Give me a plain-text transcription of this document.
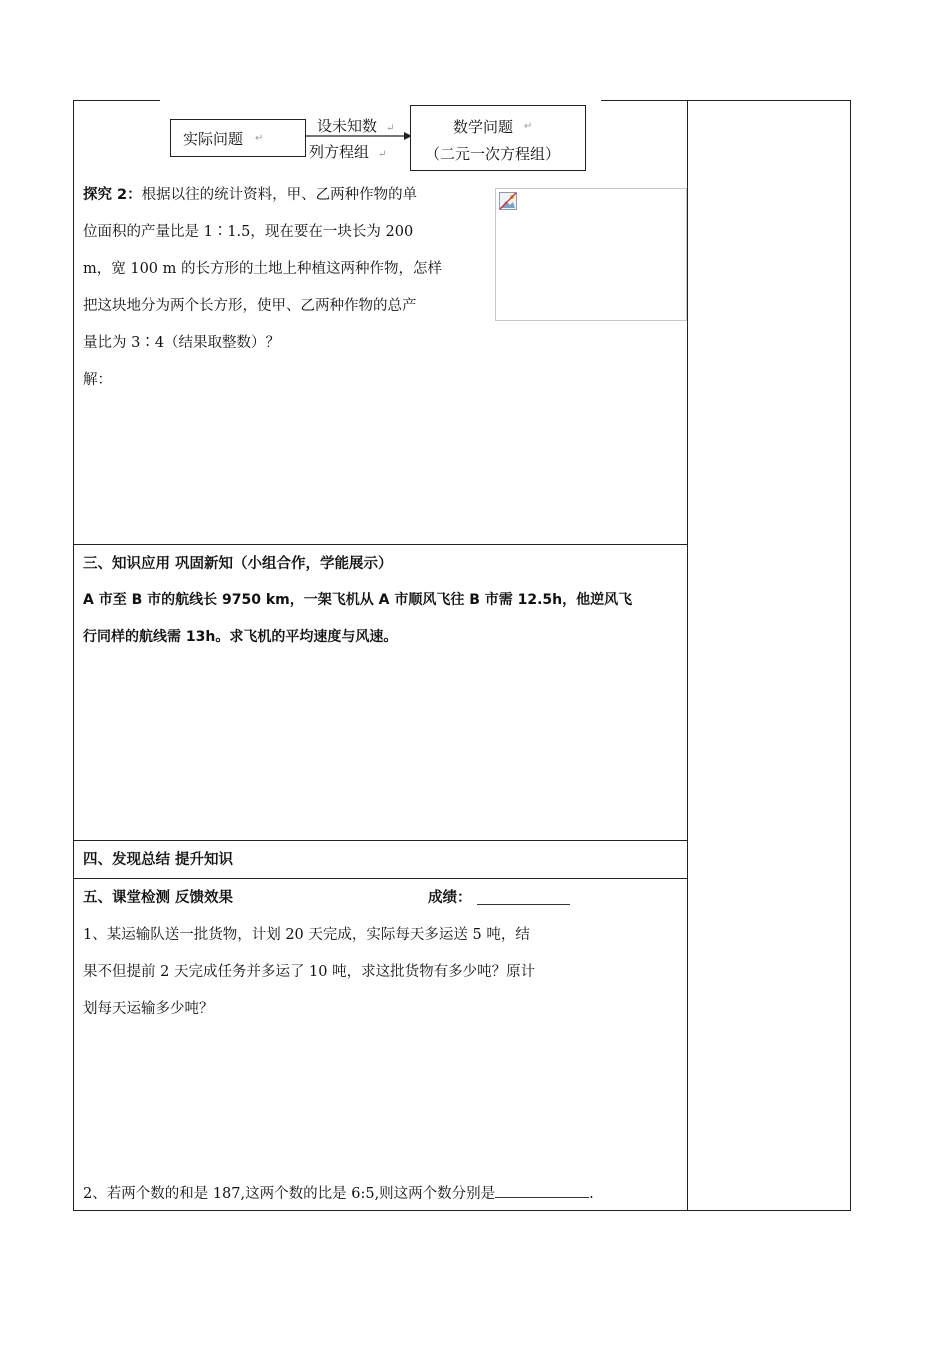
实际问题 ↵
设未知数 ↵
列方程组 ↵
数学问题 ↵
（二元一次方程组）
探究 2：根据以往的统计资料，甲、乙两种作物的单
位面积的产量比是 1∶1.5，现在要在一块长为 200
m，宽 100 m 的长方形的土地上种植这两种作物，怎样
把这块地分为两个长方形，使甲、乙两种作物的总产
量比为 3∶4（结果取整数）？
解：
三、知识应用 巩固新知（小组合作，学能展示）
A 市至 B 市的航线长 9750 km，一架飞机从 A 市顺风飞往 B 市需 12.5h，他逆风飞
行同样的航线需 13h。求飞机的平均速度与风速。
四、发现总结 提升知识
五、课堂检测 反馈效果	成绩：
1、某运输队送一批货物，计划 20 天完成，实际每天多运送 5 吨，结
果不但提前 2 天完成任务并多运了 10 吨，求这批货物有多少吨？原计
划每天运输多少吨？
2、若两个数的和是 187,这两个数的比是 6:5,则这两个数分别是	.
